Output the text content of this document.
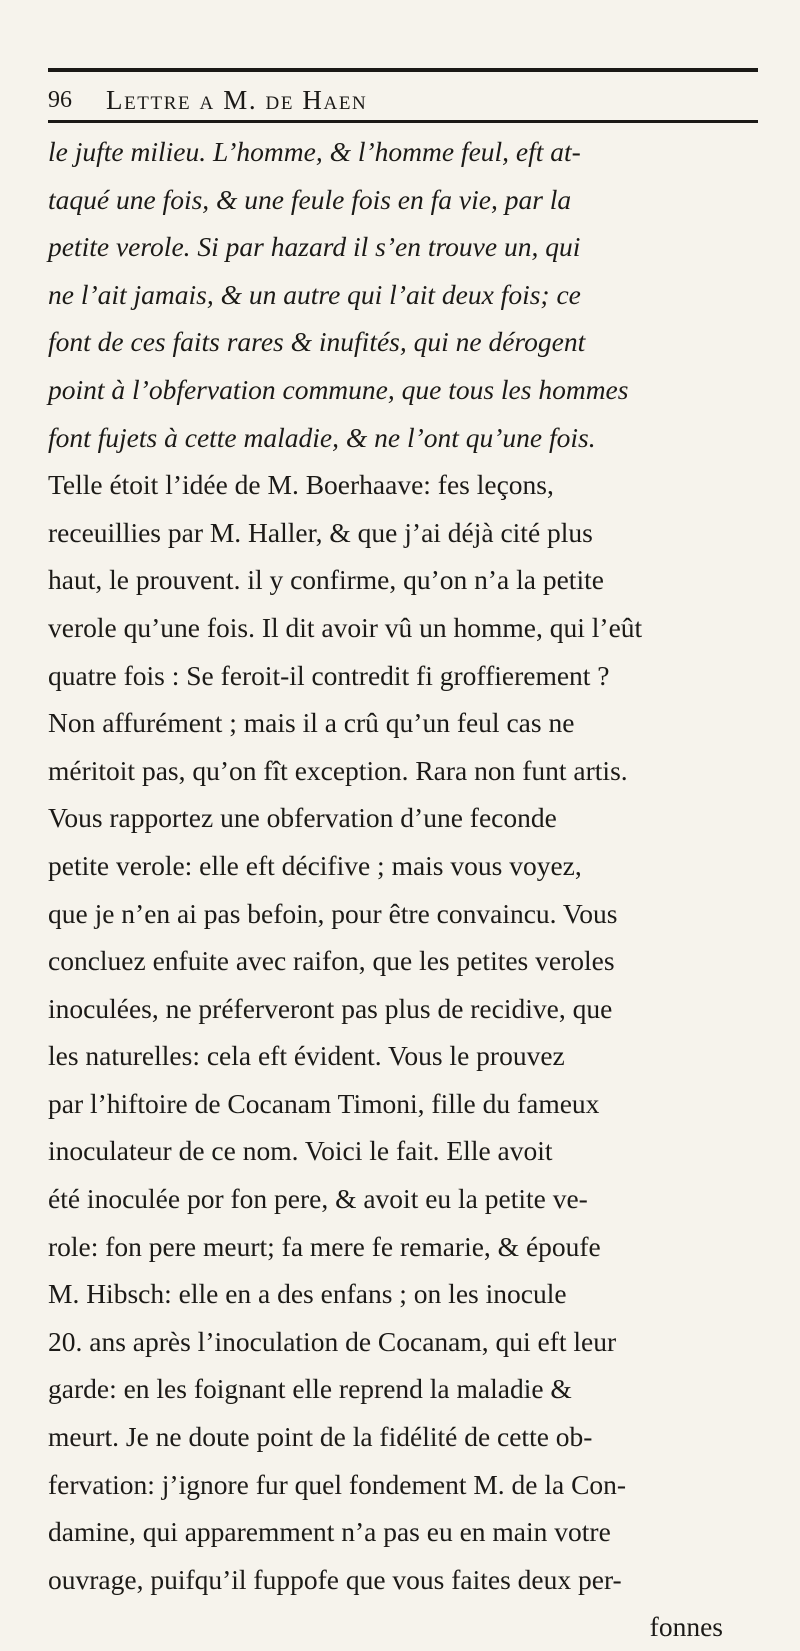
96 Lettre a M. de Haen
le jufte milieu. L’homme, & l’homme feul, eft at-
taqué une fois, & une feule fois en fa vie, par la
petite verole. Si par hazard il s’en trouve un, qui
ne l’ait jamais, & un autre qui l’ait deux fois; ce
font de ces faits rares & inufités, qui ne dérogent
point à l’obfervation commune, que tous les hommes
font fujets à cette maladie, & ne l’ont qu’une fois.
Telle étoit l’idée de M. Boerhaave: fes leçons,
receuillies par M. Haller, & que j’ai déjà cité plus
haut, le prouvent. il y confirme, qu’on n’a la petite
verole qu’une fois. Il dit avoir vû un homme, qui l’eût
quatre fois : Se feroit-il contredit fi groffierement ?
Non affurément ; mais il a crû qu’un feul cas ne
méritoit pas, qu’on fît exception. Rara non funt artis.
Vous rapportez une obfervation d’une feconde
petite verole: elle eft décifive ; mais vous voyez,
que je n’en ai pas befoin, pour être convaincu. Vous
concluez enfuite avec raifon, que les petites veroles
inoculées, ne préferveront pas plus de recidive, que
les naturelles: cela eft évident. Vous le prouvez
par l’hiftoire de Cocanam Timoni, fille du fameux
inoculateur de ce nom. Voici le fait. Elle avoit
été inoculée por fon pere, & avoit eu la petite ve-
role: fon pere meurt; fa mere fe remarie, & époufe
M. Hibsch: elle en a des enfans ; on les inocule
20. ans après l’inoculation de Cocanam, qui eft leur
garde: en les foignant elle reprend la maladie &
meurt. Je ne doute point de la fidélité de cette ob-
fervation: j’ignore fur quel fondement M. de la Con-
damine, qui apparemment n’a pas eu en main votre
ouvrage, puifqu’il fuppofe que vous faites deux per-
fonnes
